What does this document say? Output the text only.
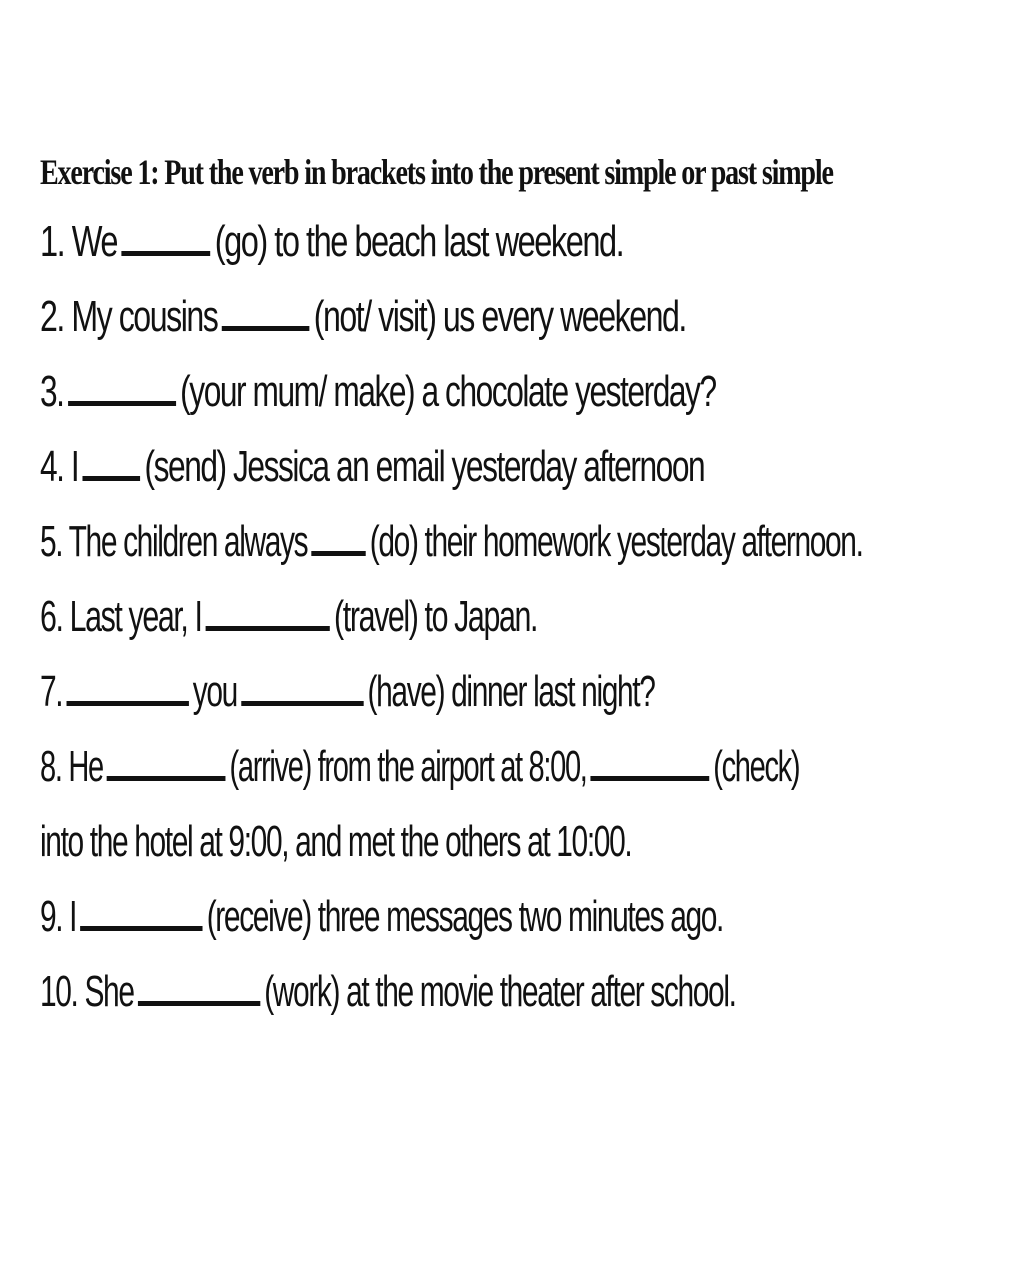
Exercise 1: Put the verb in brackets into the present simple or past simple
1. We (go) to the beach last weekend.
2. My cousins (not/ visit) us every weekend.
3.	(your mum/ make) a chocolate yesterday?
4. I (send) Jessica an email yesterday afternoon
5. The children always (do) their homework yesterday afternoon.
6. Last year, I	(travel) to Japan.
7.	you	(have) dinner last night?
8. He	(arrive) from the airport at 8:00,	(check)
into the hotel at 9:00, and met the others at 10:00.
9. I	(receive) three messages two minutes ago.
10. She	(work) at the movie theater after school.
